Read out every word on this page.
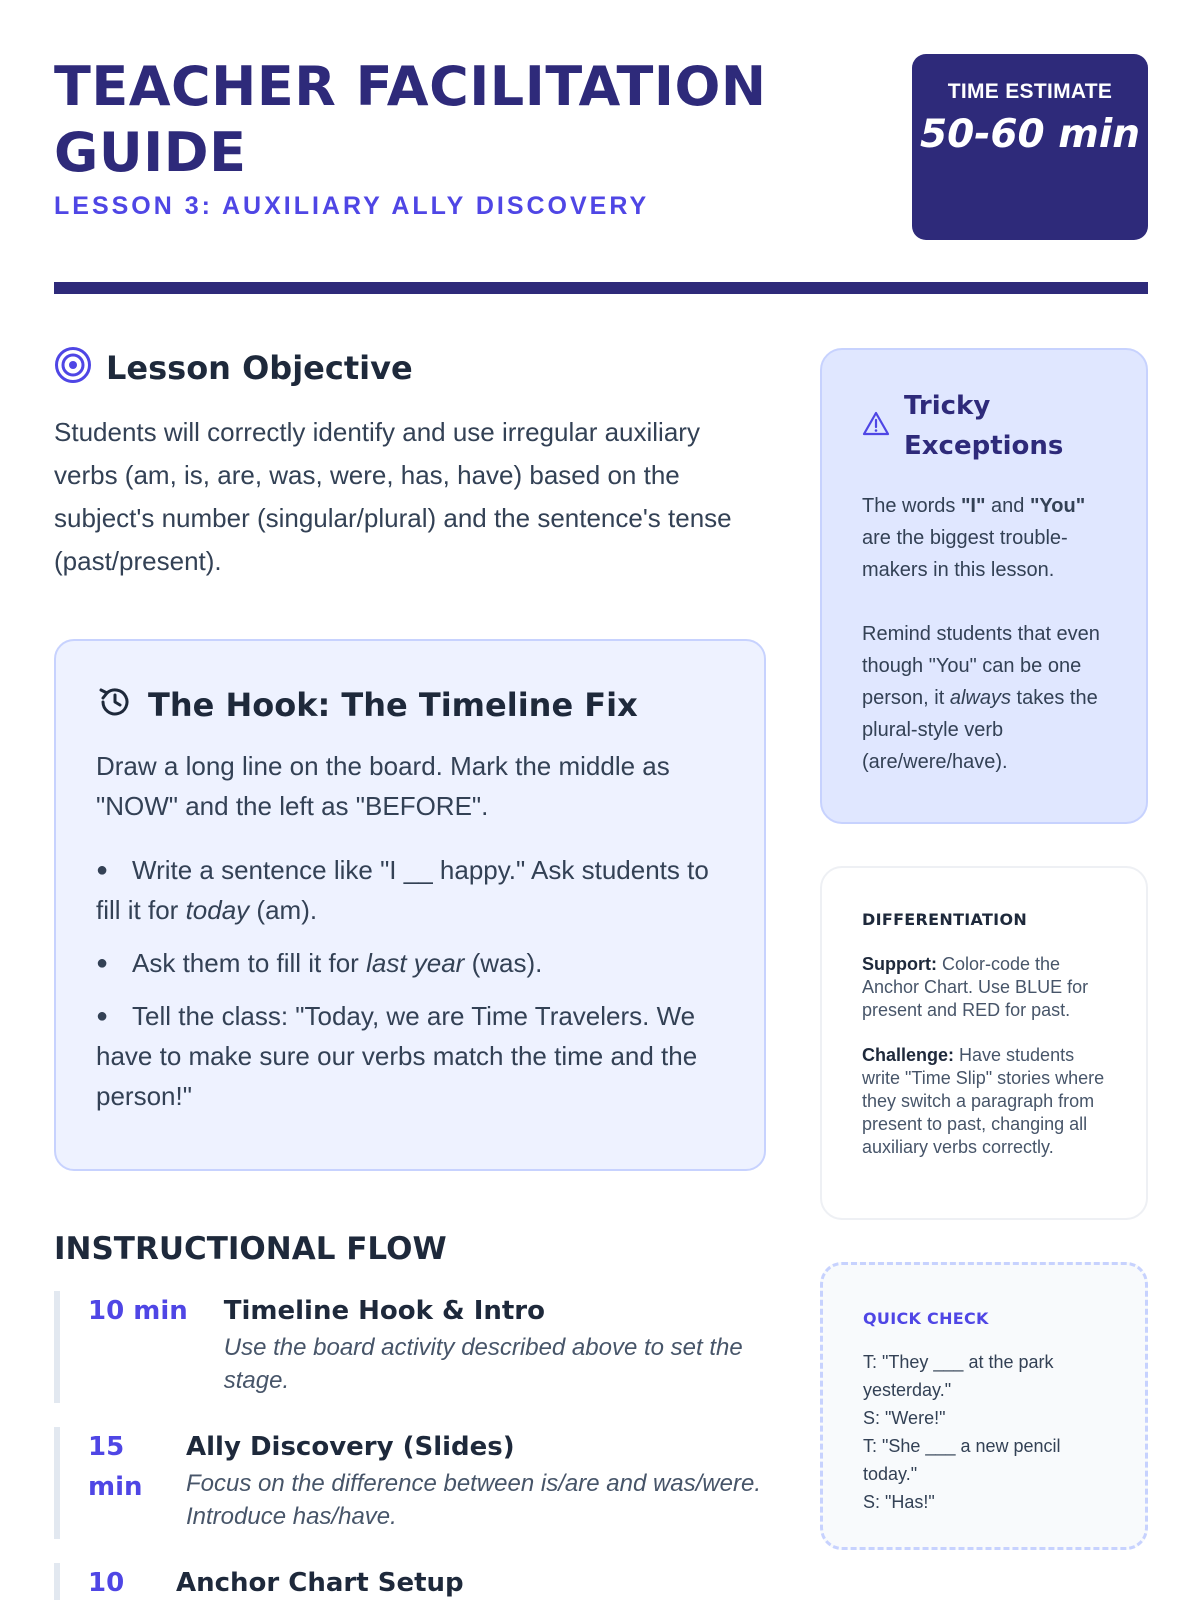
TEACHER FACILITATION GUIDE
LESSON 3: AUXILIARY ALLY DISCOVERY
TIME ESTIMATE
50-60 min
Lesson Objective

Students will correctly identify and use irregular auxiliary verbs (am, is, are, was, were, has, have) based on the subject's number (singular/plural) and the sentence's tense (past/present).

The Hook: The Timeline Fix

Draw a long line on the board. Mark the middle as "NOW" and the left as "BEFORE".

● Write a sentence like "I __ happy." Ask students to fill it for today (am).
● Ask them to fill it for last year (was).
● Tell the class: "Today, we are Time Travelers. We have to make sure our verbs match the time and the person!"
INSTRUCTIONAL FLOW
10 min Timeline Hook & Intro
Use the board activity described above to set the stage.
15 min
Ally Discovery (Slides)
Focus on the difference between is/are and was/were. Introduce has/have.
10	Anchor Chart Setup
Tricky Exceptions

The words "I" and "You" are the biggest trouble-makers in this lesson.

Remind students that even though "You" can be one person, it always takes the plural-style verb (are/were/have).

DIFFERENTIATION

Support: Color-code the Anchor Chart. Use BLUE for present and RED for past.

Challenge: Have students write "Time Slip" stories where they switch a paragraph from present to past, changing all auxiliary verbs correctly.

QUICK CHECK
T: "They ___ at the park yesterday."
S: "Were!"
T: "She ___ a new pencil today."
S: "Has!"
